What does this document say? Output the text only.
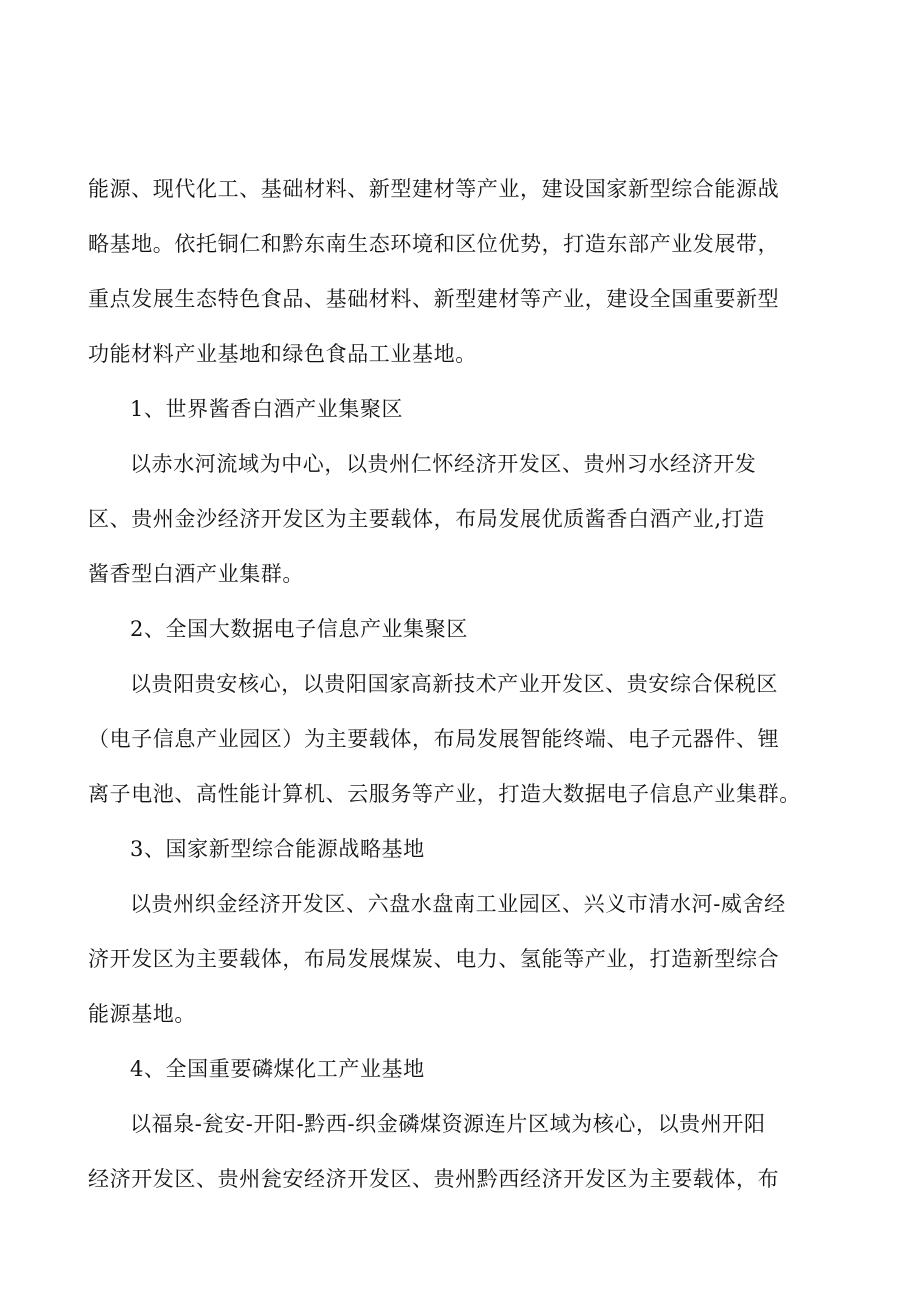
能源、现代化工、基础材料、新型建材等产业，建设国家新型综合能源战
略基地。依托铜仁和黔东南生态环境和区位优势，打造东部产业发展带，
重点发展生态特色食品、基础材料、新型建材等产业，建设全国重要新型
功能材料产业基地和绿色食品工业基地。
1、世界酱香白酒产业集聚区
以赤水河流域为中心，以贵州仁怀经济开发区、贵州习水经济开发
区、贵州金沙经济开发区为主要载体，布局发展优质酱香白酒产业,打造
酱香型白酒产业集群。
2、全国大数据电子信息产业集聚区
以贵阳贵安核心，以贵阳国家高新技术产业开发区、贵安综合保税区
（电子信息产业园区）为主要载体，布局发展智能终端、电子元器件、锂
离子电池、高性能计算机、云服务等产业，打造大数据电子信息产业集群。
3、国家新型综合能源战略基地
以贵州织金经济开发区、六盘水盘南工业园区、兴义市清水河-威舍经
济开发区为主要载体，布局发展煤炭、电力、氢能等产业，打造新型综合
能源基地。
4、全国重要磷煤化工产业基地
以福泉-瓮安-开阳-黔西-织金磷煤资源连片区域为核心，以贵州开阳
经济开发区、贵州瓮安经济开发区、贵州黔西经济开发区为主要载体，布
